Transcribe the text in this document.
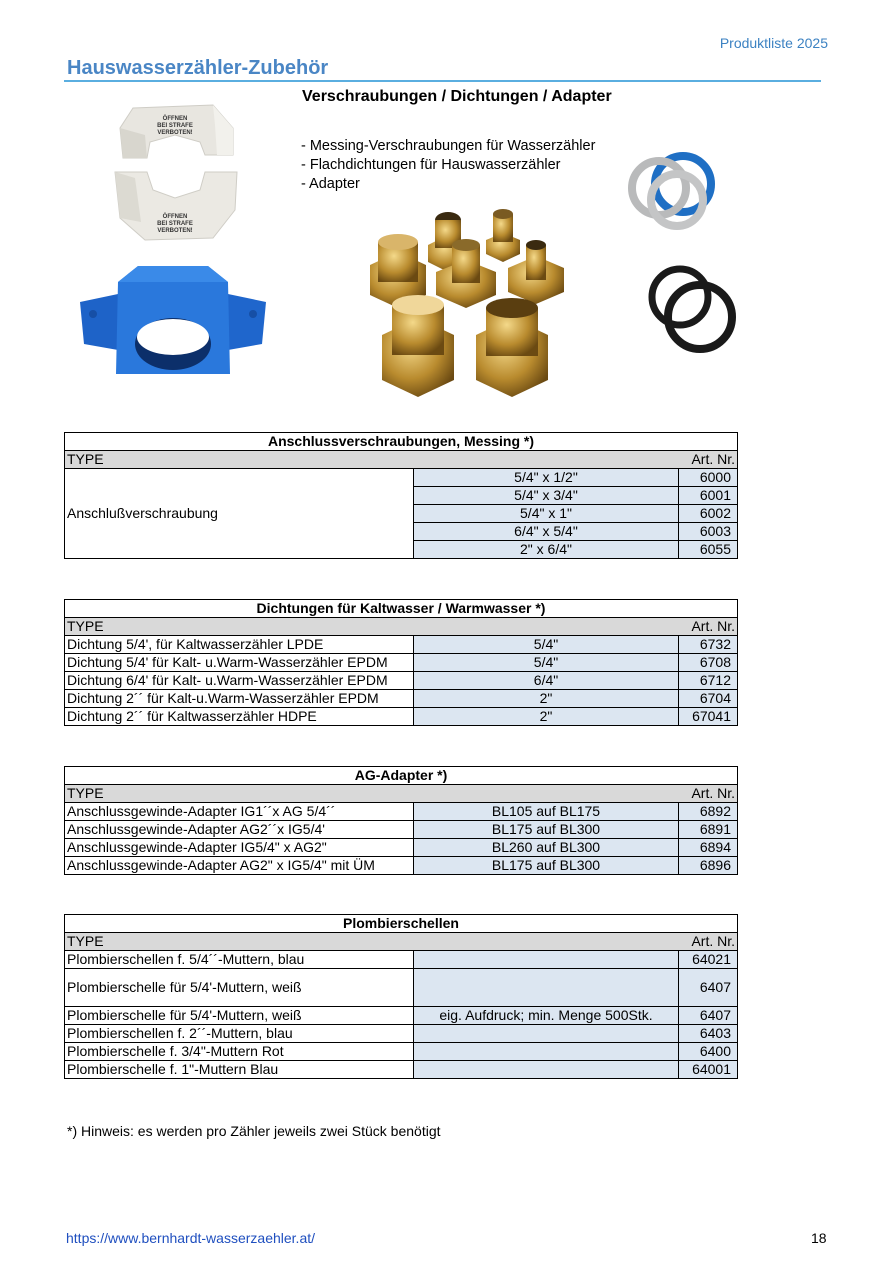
Produktliste 2025
Hauswasserzähler-Zubehör
Verschraubungen / Dichtungen / Adapter
- Messing-Verschraubungen für Wasserzähler
- Flachdichtungen für Hauswasserzähler
- Adapter
ÖFFNEN
BEI STRAFE
VERBOTEN!
ÖFFNEN
BEI STRAFE
VERBOTEN!
Anschlussverschraubungen, Messing *)		
TYPE		Art. Nr.
Anschlußverschraubung	5/4" x 1/2"	6000
	5/4" x 3/4"	6001
	5/4" x 1"	6002
	6/4" x 5/4"	6003
	2" x 6/4"	6055
Dichtungen für Kaltwasser / Warmwasser *)		
TYPE		Art. Nr.
Dichtung 5/4', für Kaltwasserzähler LPDE	5/4"	6732
Dichtung 5/4' für Kalt- u.Warm-Wasserzähler EPDM	5/4"	6708
Dichtung 6/4' für Kalt- u.Warm-Wasserzähler EPDM	6/4"	6712
Dichtung 2´´ für Kalt-u.Warm-Wasserzähler EPDM	2"	6704
Dichtung 2´´ für Kaltwasserzähler HDPE	2"	67041
AG-Adapter *)		
TYPE		Art. Nr.
Anschlussgewinde-Adapter IG1´´x AG 5/4´´	BL105 auf BL175	6892
Anschlussgewinde-Adapter AG2´´x IG5/4'	BL175 auf BL300	6891
Anschlussgewinde-Adapter IG5/4" x AG2"	BL260 auf BL300	6894
Anschlussgewinde-Adapter AG2" x IG5/4" mit ÜM	BL175 auf BL300	6896
Plombierschellen		
TYPE		Art. Nr.
Plombierschellen f. 5/4´´-Muttern, blau		64021
Plombierschelle für 5/4'-Muttern, weiß		6407
Plombierschelle für 5/4'-Muttern, weiß	eig. Aufdruck; min. Menge 500Stk.	6407
Plombierschellen f. 2´´-Muttern, blau		6403
Plombierschelle f. 3/4"-Muttern Rot		6400
Plombierschelle f. 1"-Muttern Blau		64001
*) Hinweis: es werden pro Zähler jeweils zwei Stück benötigt
https://www.bernhardt-wasserzaehler.at/	18
